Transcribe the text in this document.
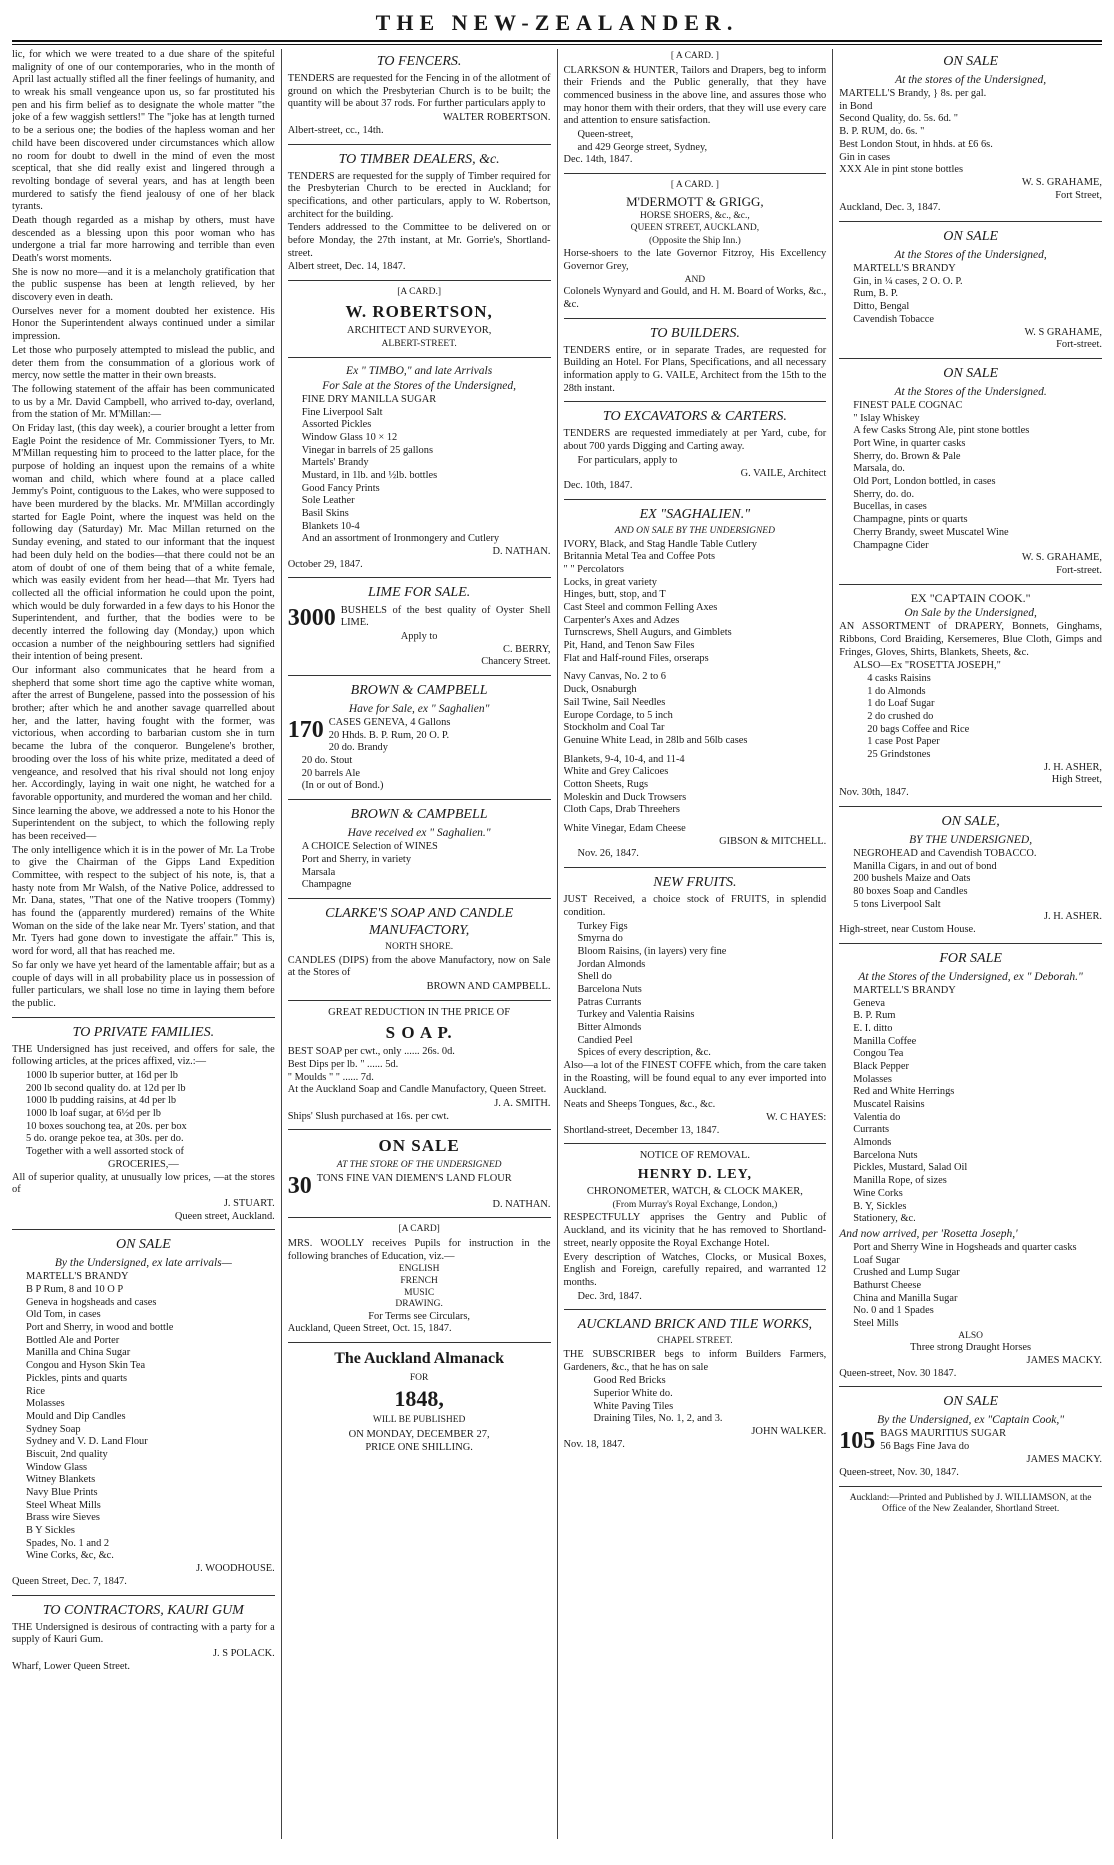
THE NEW-ZEALANDER.

lic, for which we were treated to a due share of the spiteful malignity of one of our contemporaries, who in the month of April last actually stifled all the finer feelings of humanity, and to wreak his small vengeance upon us, so far prostituted his pen and his firm belief as to designate the whole matter "the joke of a few waggish settlers!" The "joke has at length turned to be a serious one; the bodies of the hapless woman and her child have been discovered under circumstances which allow no room for doubt to dwell in the mind of even the most sceptical, that she did really exist and lingered through a revolting bondage of several years, and has at length been murdered to satisfy the fiend jealousy of one of her black tyrants.

Death though regarded as a mishap by others, must have descended as a blessing upon this poor woman who has undergone a trial far more harrowing and terrible than even Death's worst moments.

She is now no more—and it is a melancholy gratification that the public suspense has been at length relieved, by her discovery even in death.

Ourselves never for a moment doubted her existence. His Honor the Superintendent always continued under a similar impression.

Let those who purposely attempted to mislead the public, and deter them from the consummation of a glorious work of mercy, now settle the matter in their own breasts.

The following statement of the affair has been communicated to us by a Mr. David Campbell, who arrived to-day, overland, from the station of Mr. M'Millan:—

On Friday last, (this day week), a courier brought a letter from Eagle Point the residence of Mr. Commissioner Tyers, to Mr. M'Millan requesting him to proceed to the latter place, for the purpose of holding an inquest upon the remains of a white woman and child, which where found at a place called Jemmy's Point, contiguous to the Lakes, who were supposed to have been murdered by the blacks. Mr. M'Millan accordingly started for Eagle Point, where the inquest was held on the following day (Saturday) Mr. Mac Millan returned on the Sunday evening, and stated to our informant that the inquest had been duly held on the bodies—that there could not be an atom of doubt of one of them being that of a white female, which was easily evident from her head—that Mr. Tyers had collected all the official information he could upon the point, which would be duly forwarded in a few days to his Honor the Superintendent, and further, that the bodies were to be decently interred the following day (Monday,) upon which occasion a number of the neighbouring settlers had signified their intention of being present.

Our informant also communicates that he heard from a shepherd that some short time ago the captive white woman, after the arrest of Bungelene, passed into the possession of his brother; after which he and another savage quarrelled about her, and the latter, having fought with the former, was victorious, when according to barbarian custom she in turn became the lubra of the conqueror. Bungelene's brother, brooding over the loss of his white prize, meditated a deed of vengeance, and resolved that his rival should not long enjoy her. Accordingly, laying in wait one night, he watched for a favorable opportunity, and murdered the woman and her child.

Since learning the above, we addressed a note to his Honor the Superintendent on the subject, to which the following reply has been received—

The only intelligence which it is in the power of Mr. La Trobe to give the Chairman of the Gipps Land Expedition Committee, with respect to the subject of his note, is, that a hasty note from Mr Walsh, of the Native Police, addressed to Mr. Dana, states, "That one of the Native troopers (Tommy) has found the (apparently murdered) remains of the White Woman on the side of the lake near Mr. Tyers' station, and that Mr. Tyers had gone down to investigate the affair." This is, word for word, all that has reached me.

So far only we have yet heard of the lamentable affair; but as a couple of days will in all probability place us in possession of fuller particulars, we shall lose no time in laying them before the public.

TO PRIVATE FAMILIES.

THE Undersigned has just received, and offers for sale, the following articles, at the prices affixed, viz.:—

1000 lb superior butter, at 16d per lb
200 lb second quality do. at 12d per lb
1000 lb pudding raisins, at 4d per lb
1000 lb loaf sugar, at 6½d per lb
10 boxes souchong tea, at 20s. per box
5 do. orange pekoe tea, at 30s. per do.

Together with a well assorted stock of

GROCERIES,—

All of superior quality, at unusually low prices, —at the stores of

J. STUART.

Queen street, Auckland.

ON SALE
By the Undersigned, ex late arrivals—
MARTELL'S BRANDY
B P Rum, 8 and 10 O P
Geneva in hogsheads and cases
Old Tom, in cases
Port and Sherry, in wood and bottle
Bottled Ale and Porter
Manilla and China Sugar
Congou and Hyson Skin Tea
Pickles, pints and quarts
Rice
Molasses
Mould and Dip Candles
Sydney Soap
Sydney and V. D. Land Flour
Biscuit, 2nd quality
Window Glass
Witney Blankets
Navy Blue Prints
Steel Wheat Mills
Brass wire Sieves
B Y Sickles
Spades, No. 1 and 2
Wine Corks, &c, &c.

J. WOODHOUSE.

Queen Street, Dec. 7, 1847.

TO CONTRACTORS, KAURI GUM

THE Undersigned is desirous of contracting with a party for a supply of Kauri Gum.

J. S POLACK.

Wharf, Lower Queen Street.

TO FENCERS.

TENDERS are requested for the Fencing in of the allotment of ground on which the Presbyterian Church is to be built; the quantity will be about 37 rods. For further particulars apply to

WALTER ROBERTSON.

Albert-street, cc., 14th.

TO TIMBER DEALERS, &c.

TENDERS are requested for the supply of Timber required for the Presbyterian Church to be erected in Auckland; for specifications, and other particulars, apply to W. Robertson, architect for the building.

Tenders addressed to the Committee to be delivered on or before Monday, the 27th instant, at Mr. Gorrie's, Shortland-street.

Albert street, Dec. 14, 1847.

[A CARD.]
W. ROBERTSON,
ARCHITECT AND SURVEYOR,
ALBERT-STREET.
Ex " TIMBO," and late Arrivals
For Sale at the Stores of the Undersigned,
FINE DRY MANILLA SUGAR
Fine Liverpool Salt
Assorted Pickles
Window Glass 10 × 12
Vinegar in barrels of 25 gallons
Martels' Brandy
Mustard, in 1lb. and ½lb. bottles
Good Fancy Prints
Sole Leather
Basil Skins
Blankets 10-4
And an assortment of Ironmongery and Cutlery

D. NATHAN.

October 29, 1847.

LIME FOR SALE.
3000 BUSHELS of the best quality of Oyster Shell LIME.

Apply to

C. BERRY,

Chancery Street.

BROWN & CAMPBELL
Have for Sale, ex " Saghalien"
170 CASES GENEVA, 4 Gallons
20 Hhds. B. P. Rum, 20 O. P.
20 do. Brandy
20 do. Stout
20 barrels Ale
(In or out of Bond.)
BROWN & CAMPBELL
Have received ex " Saghalien."
A CHOICE Selection of WINES
Port and Sherry, in variety
Marsala
Champagne
CLARKE'S SOAP AND CANDLE MANUFACTORY,
NORTH SHORE.

CANDLES (DIPS) from the above Manufactory, now on Sale at the Stores of

BROWN AND CAMPBELL.

GREAT REDUCTION IN THE PRICE OF
S O A P.

BEST SOAP per cwt., only ...... 26s. 0d.

Best Dips per lb. " ...... 5d.

" Moulds " " ...... 7d.

At the Auckland Soap and Candle Manufactory, Queen Street.

J. A. SMITH.

Ships' Slush purchased at 16s. per cwt.

ON SALE
AT THE STORE OF THE UNDERSIGNED
30 TONS FINE VAN DIEMEN'S LAND FLOUR

D. NATHAN.

[A CARD]

MRS. WOOLLY receives Pupils for instruction in the following branches of Education, viz.—

ENGLISH

FRENCH

MUSIC

DRAWING.

For Terms see Circulars,

Auckland, Queen Street, Oct. 15, 1847.

The Auckland Almanack
FOR
1848,
WILL BE PUBLISHED
ON MONDAY, DECEMBER 27,
PRICE ONE SHILLING.
[ A CARD. ]

CLARKSON & HUNTER, Tailors and Drapers, beg to inform their Friends and the Public generally, that they have commenced business in the above line, and assures those who may honor them with their orders, that they will use every care and attention to ensure satisfaction.

Queen-street,

and 429 George street, Sydney,

Dec. 14th, 1847.

[ A CARD. ]
M'DERMOTT & GRIGG,
HORSE SHOERS, &c., &c.,
QUEEN STREET, AUCKLAND,
(Opposite the Ship Inn.)

Horse-shoers to the late Governor Fitzroy, His Excellency Governor Grey,

AND

Colonels Wynyard and Gould, and H. M. Board of Works, &c., &c.

TO BUILDERS.

TENDERS entire, or in separate Trades, are requested for Building an Hotel. For Plans, Specifications, and all necessary information apply to G. VAILE, Architect from the 15th to the 28th instant.

TO EXCAVATORS & CARTERS.

TENDERS are requested immediately at per Yard, cube, for about 700 yards Digging and Carting away.

For particulars, apply to

G. VAILE, Architect

Dec. 10th, 1847.

EX "SAGHALIEN."
AND ON SALE BY THE UNDERSIGNED

IVORY, Black, and Stag Handle Table Cutlery

Britannia Metal Tea and Coffee Pots

" " Percolators

Locks, in great variety

Hinges, butt, stop, and T

Cast Steel and common Felling Axes

Carpenter's Axes and Adzes

Turnscrews, Shell Augurs, and Gimblets

Pit, Hand, and Tenon Saw Files

Flat and Half-round Files, orseraps

Navy Canvas, No. 2 to 6

Duck, Osnaburgh

Sail Twine, Sail Needles

Europe Cordage, to 5 inch

Stockholm and Coal Tar

Genuine White Lead, in 28lb and 56lb cases

Blankets, 9-4, 10-4, and 11-4

White and Grey Calicoes

Cotton Sheets, Rugs

Moleskin and Duck Trowsers

Cloth Caps, Drab Threehers

White Vinegar, Edam Cheese

GIBSON & MITCHELL.

Nov. 26, 1847.

NEW FRUITS.

JUST Received, a choice stock of FRUITS, in splendid condition.

Turkey Figs
Smyrna do
Bloom Raisins, (in layers) very fine
Jordan Almonds
Shell do
Barcelona Nuts
Patras Currants
Turkey and Valentia Raisins
Bitter Almonds
Candied Peel
Spices of every description, &c.

Also—a lot of the FINEST COFFE which, from the care taken in the Roasting, will be found equal to any ever imported into Auckland.

Neats and Sheeps Tongues, &c., &c.

W. C HAYES:

Shortland-street, December 13, 1847.

NOTICE OF REMOVAL.
HENRY D. LEY,
CHRONOMETER, WATCH, & CLOCK MAKER,
(From Murray's Royal Exchange, London,)

RESPECTFULLY apprises the Gentry and Public of Auckland, and its vicinity that he has removed to Shortland-street, nearly opposite the Royal Exchange Hotel.

Every description of Watches, Clocks, or Musical Boxes, English and Foreign, carefully repaired, and warranted 12 months.

Dec. 3rd, 1847.

AUCKLAND BRICK AND TILE WORKS,
CHAPEL STREET.

THE SUBSCRIBER begs to inform Builders Farmers, Gardeners, &c., that he has on sale

Good Red Bricks
Superior White do.
White Paving Tiles
Draining Tiles, No. 1, 2, and 3.

JOHN WALKER.

Nov. 18, 1847.

ON SALE
At the stores of the Undersigned,

MARTELL'S Brandy, } 8s. per gal.

in Bond

Second Quality, do. 5s. 6d. "

B. P. RUM, do. 6s. "

Best London Stout, in hhds. at £6 6s.

Gin in cases

XXX Ale in pint stone bottles

W. S. GRAHAME,

Fort Street,

Auckland, Dec. 3, 1847.

ON SALE
At the Stores of the Undersigned,
MARTELL'S BRANDY
Gin, in ¼ cases, 2 O. O. P.
Rum, B. P.
Ditto, Bengal
Cavendish Tobacce

W. S GRAHAME,

Fort-street.

ON SALE
At the Stores of the Undersigned.
FINEST PALE COGNAC
" Islay Whiskey
A few Casks Strong Ale, pint stone bottles
Port Wine, in quarter casks
Sherry, do. Brown & Pale
Marsala, do.
Old Port, London bottled, in cases
Sherry, do. do.
Bucellas, in cases
Champagne, pints or quarts
Cherry Brandy, sweet Muscatel Wine
Champagne Cider

W. S. GRAHAME,

Fort-street.

EX "CAPTAIN COOK."
On Sale by the Undersigned,

AN ASSORTMENT of DRAPERY, Bonnets, Ginghams, Ribbons, Cord Braiding, Kersemeres, Blue Cloth, Gimps and Fringes, Gloves, Shirts, Blankets, Sheets, &c.

ALSO—Ex "ROSETTA JOSEPH,"

4 casks Raisins
1 do Almonds
1 do Loaf Sugar
2 do crushed do
20 bags Coffee and Rice
1 case Post Paper
25 Grindstones

J. H. ASHER,

High Street,

Nov. 30th, 1847.

ON SALE,
BY THE UNDERSIGNED,
NEGROHEAD and Cavendish TOBACCO.
Manilla Cigars, in and out of bond
200 bushels Maize and Oats
80 boxes Soap and Candles
5 tons Liverpool Salt

J. H. ASHER.

High-street, near Custom House.

FOR SALE
At the Stores of the Undersigned, ex " Deborah."
MARTELL'S BRANDY
Geneva
B. P. Rum
E. I. ditto
Manilla Coffee
Congou Tea
Black Pepper
Molasses
Red and White Herrings
Muscatel Raisins
Valentia do
Currants
Almonds
Barcelona Nuts
Pickles, Mustard, Salad Oil
Manilla Rope, of sizes
Wine Corks
B. Y, Sickles
Stationery, &c.

And now arrived, per 'Rosetta Joseph,'

Port and Sherry Wine in Hogsheads and quarter casks
Loaf Sugar
Crushed and Lump Sugar
Bathurst Cheese
China and Manilla Sugar
No. 0 and 1 Spades
Steel Mills

ALSO

Three strong Draught Horses

JAMES MACKY.

Queen-street, Nov. 30 1847.

ON SALE
By the Undersigned, ex "Captain Cook,"
105 BAGS MAURITIUS SUGAR

56 Bags Fine Java do

JAMES MACKY.

Queen-street, Nov. 30, 1847.

Auckland:—Printed and Published by J. WILLIAMSON, at the Office of the New Zealander, Shortland Street.
